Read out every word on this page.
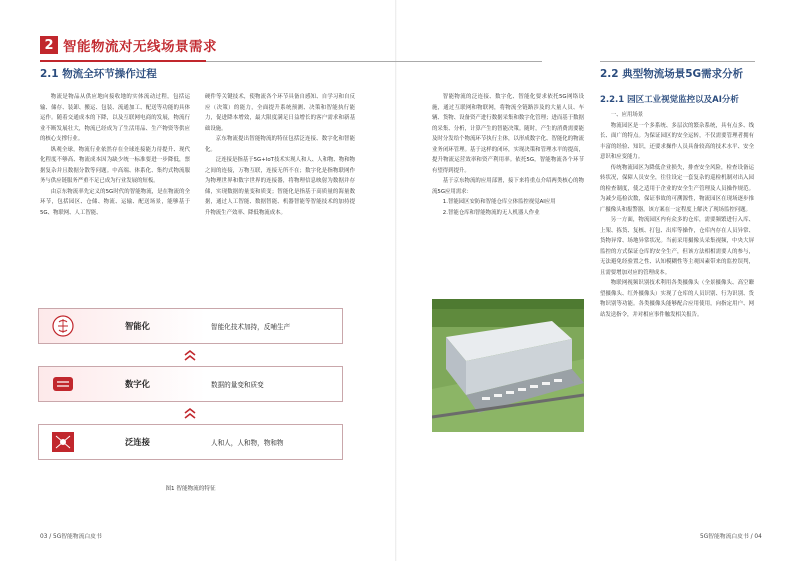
2 智能物流对无线场景需求
2.1 物流全环节操作过程

物流是物品从供应地向接收地的实体流动过程，包括运输、储存、装卸、搬运、包装、流通加工、配送等功能的具体运作。随着交通成本的下降，以及互联网电商的发展，物流行业不断发展壮大，物流已经成为了生活用品、生产物资等供应的核心支撑行业。

纵观全球，物流行业依然存在全球连接能力待提升、现代化程度不够高、物流成本因为缺少统一标准要进一步降低，票据复杂并且数据分散等问题。中高端、体系化、集约式物流服务与供应链服务严重不足已成为行业发展的短板。

由京东物流率先定义的5G时代的智能物流，是在物流的全环节，包括园区、仓储、物流、运输、配送场景，能够基于5G、物联网、人工智能、

硬件等关键技术，使物流各个环节具备自感知、自学习和自反应（决策）的能力，全面提升系统预测、决策和智能执行能力，促进降本增效，最大限度满足日益增长的客户需求和新基础设施。

京东物流提出智能物流的特征包括泛连接、数字化和智能化。

泛连接是指基于5G+IoT技术实现人和人、人和物、物和物之间的连接，万物互联，连接无所不在；数字化是指物联网作为物理世界和数字世界的连接器，将物理信息映射为数据并存储，实现数据的量变和质变；智能化是指基于高质量的海量数据，通过人工智能、数据智能、机器智能等智能技术的加持提升物流生产效率、降低物流成本。

智能物流的泛连接、数字化、智能化要求依托5G网络设施，通过互联网和物联网，将物流全链路涉及的大量人员、车辆、货物、设备资产进行数据采集和数字化管理；进而基于数据的采集、分析，计算产生的智能决策。随时，产生的消费需要能及时分发给个物流环节执行主体，以形成数字化、智能化的物流业务闭环管理。基于这样的闭环，实现决策和管理水平的提高，提升物流运营效率和资产利用率。依托5G，智能物流各个环节有望得到提升。

基于京东物流的应用部署，接下来将重点介绍两类核心的物流5G应用需求：

1.智能园区安防和智能仓库立体监控视觉AI应用

2.智能仓库和智能物流的无人机器人作业

智能化	智能化技术加持，反哺生产
数字化	数据的量变和质变
泛连接	人和人，人和物，物和物
图1 智能物流的特征
2.2 典型物流场景5G需求分析
2.2.1 园区工业视觉监控以及AI分析

一、应用场景

物流园区是一个多系统、多层次的繁杂系统，具有点多、线长、面广的特点。为保证园区的安全运转，不仅需要管理者拥有丰富的经验、知识，还要求操作人员具备较高的技术水平、安全意识和应变能力。

传统物流园区为降低企业损失，排查安全风险，检查设备运转状况，保障人员安全，往往设定一套复杂的巡检机制对出入园的检查制度，使之适用于企业的安全生产管理及人员操作规范。为减少巡检次数，保证事故的可溯源性，物流园区在现场逐步推广摄像头和报警器，该方案在一定程度上解决了现场监控问题。

另一方面，物流园区内有众多的仓库，需要频繁进行入库、上架、拣货、复核、打包、出库等操作，仓库内存在人员异常、货物异常、场地异常状况。当前采用摄像头采集视频，中央大屏监控的方式保证仓库的安全生产，但该方法相相需要人的参与，无法避免经验置之性、认知模糊性等主观因素带来的监控误判，且需要增加对应的管理成本。

物联网视频识别技术利用各类摄像头（全景摄像头、高空瞭望摄像头、红外摄像头）实现了仓库的人员识别、行为识别、货物识别等功能。各类摄像头能够配合应用使用，向指定用户、网站发送指令，并对相应事件触发相关报告。

03 / 5G智能物流白皮书	5G智能物流白皮书 / 04
